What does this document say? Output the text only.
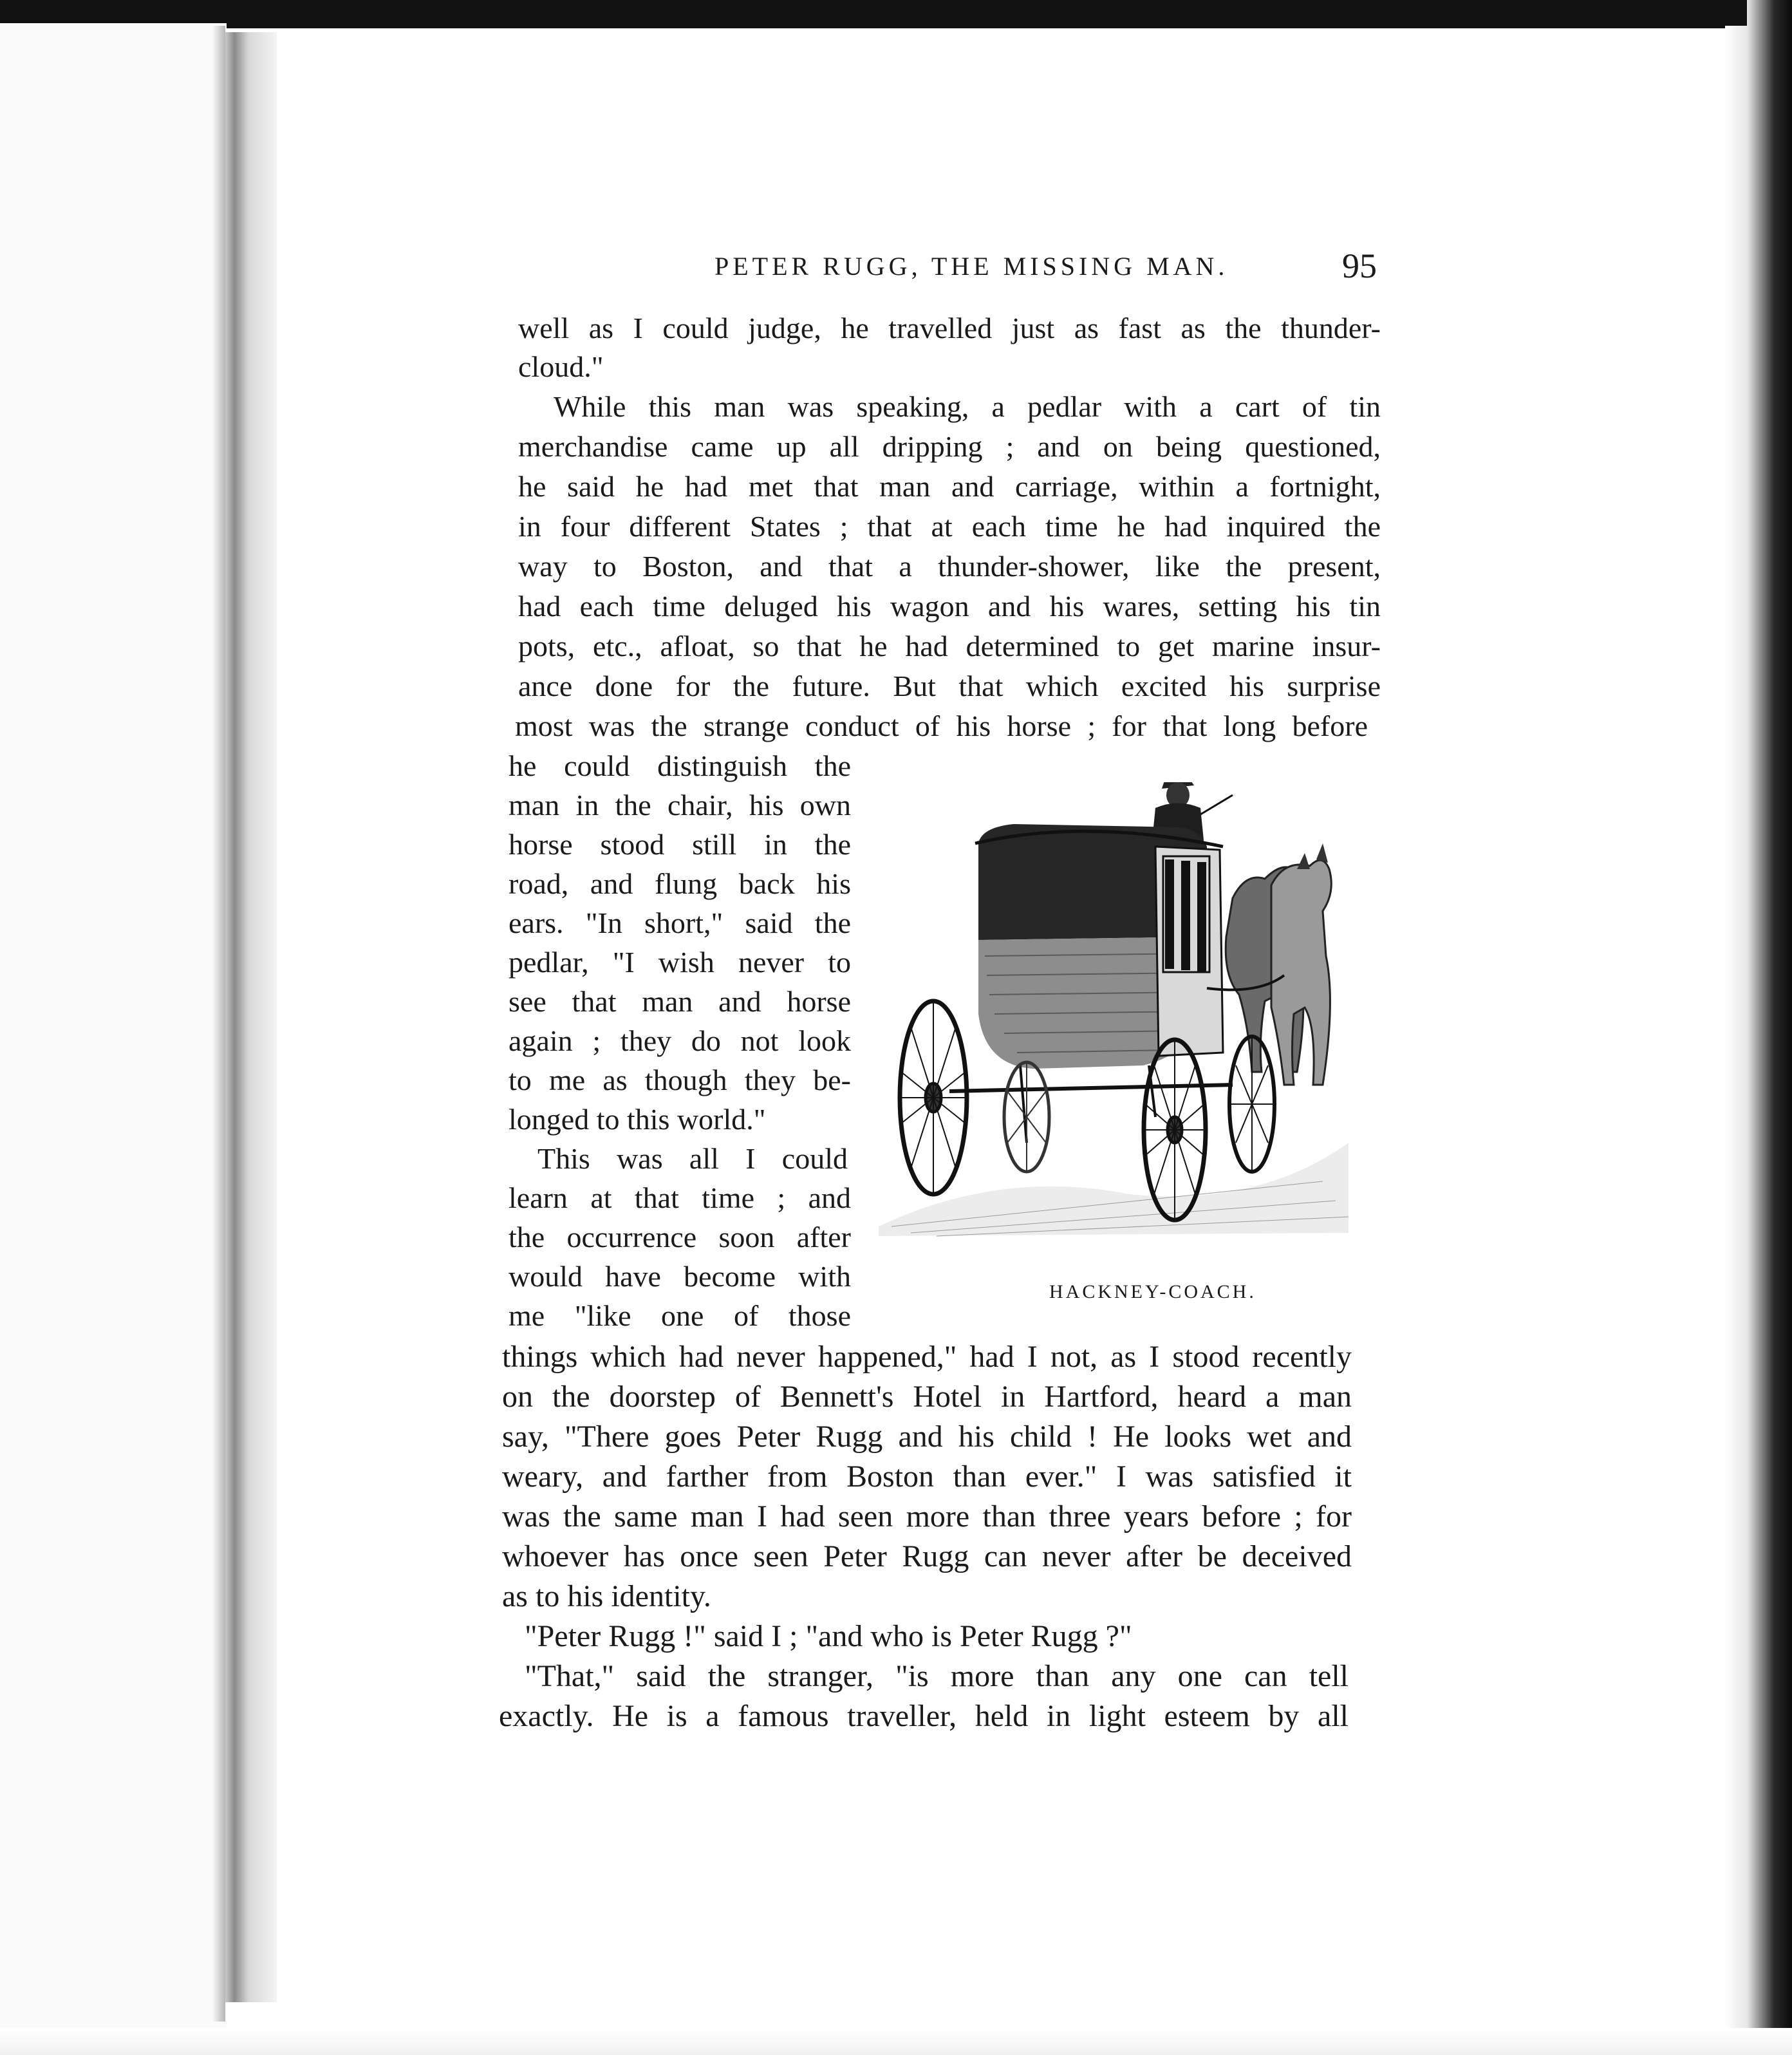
PETER RUGG, THE MISSING MAN.	95
well as I could judge, he travelled just as fast as the thunder-
cloud."
While this man was speaking, a pedlar with a cart of tin
merchandise came up all dripping ; and on being questioned,
he said he had met that man and carriage, within a fortnight,
in four different States ; that at each time he had inquired the
way to Boston, and that a thunder-shower, like the present,
had each time deluged his wagon and his wares, setting his tin
pots, etc., afloat, so that he had determined to get marine insur-
ance done for the future. But that which excited his surprise
most was the strange conduct of his horse ; for that long before
he could distinguish the
man in the chair, his own
horse stood still in the
road, and flung back his
ears. "In short," said the
pedlar, "I wish never to
see that man and horse
again ; they do not look
to me as though they be-
longed to this world."
This was all I could
learn at that time ; and
the occurrence soon after
would have become with
me "like one of those
HACKNEY-COACH.
things which had never happened," had I not, as I stood recently
on the doorstep of Bennett's Hotel in Hartford, heard a man
say, "There goes Peter Rugg and his child ! He looks wet and
weary, and farther from Boston than ever." I was satisfied it
was the same man I had seen more than three years before ; for
whoever has once seen Peter Rugg can never after be deceived
as to his identity.
"Peter Rugg !" said I ; "and who is Peter Rugg ?"
"That," said the stranger, "is more than any one can tell
exactly. He is a famous traveller, held in light esteem by all
